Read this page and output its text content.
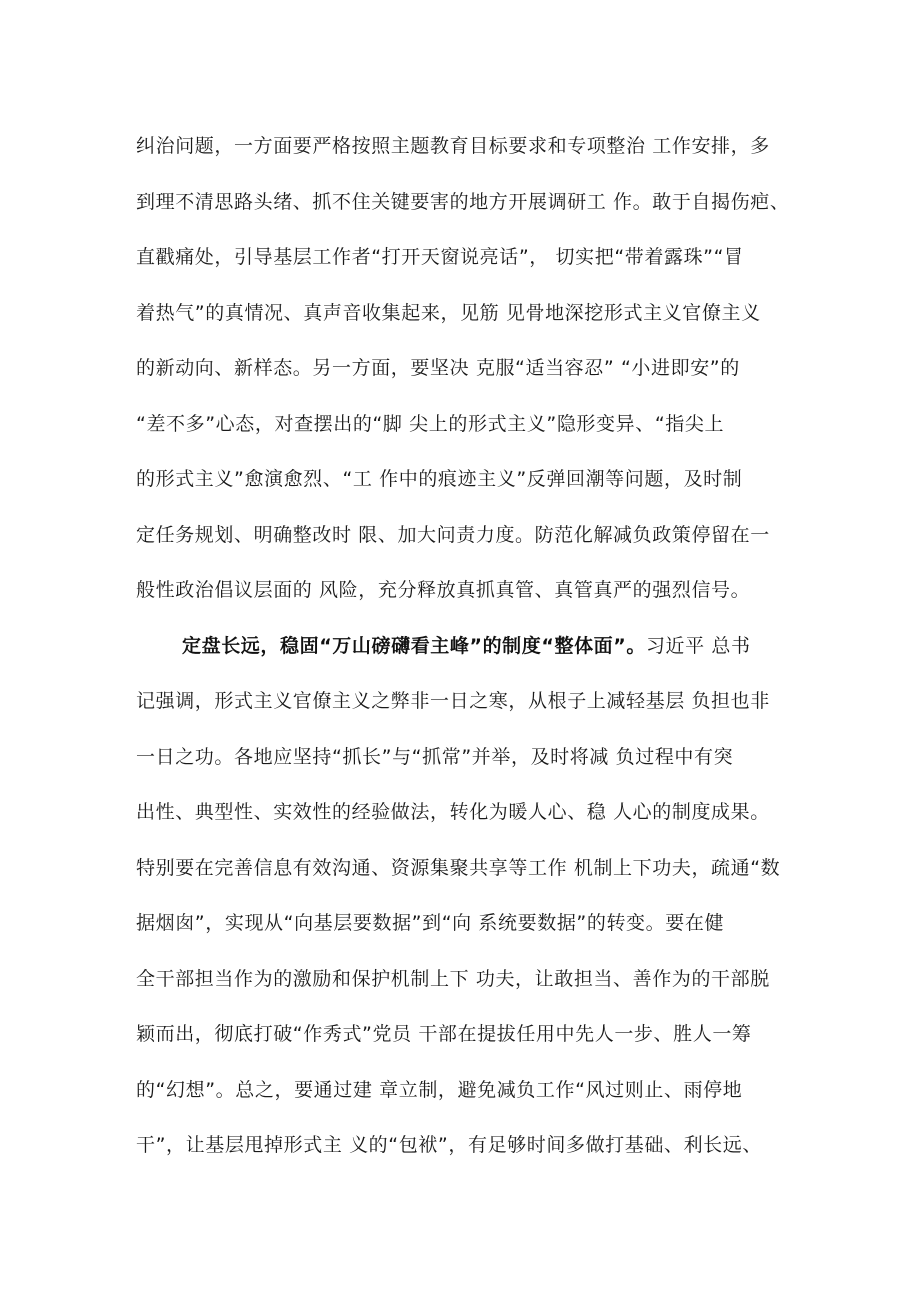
纠治问题，一方面要严格按照主题教育目标要求和专项整治 工作安排，多
到理不清思路头绪、抓不住关键要害的地方开展调研工 作。敢于自揭伤疤、
直戳痛处，引导基层工作者“打开天窗说亮话”， 切实把“带着露珠”“冒
着热气”的真情况、真声音收集起来，见筋 见骨地深挖形式主义官僚主义
的新动向、新样态。另一方面，要坚决 克服“适当容忍” “小进即安”的
“差不多”心态，对查摆出的“脚 尖上的形式主义”隐形变异、“指尖上
的形式主义”愈演愈烈、“工 作中的痕迹主义”反弹回潮等问题，及时制
定任务规划、明确整改时 限、加大问责力度。防范化解减负政策停留在一
般性政治倡议层面的 风险，充分释放真抓真管、真管真严的强烈信号。
定盘长远，稳固“万山磅礴看主峰”的制度“整体面”。习近平 总书
记强调，形式主义官僚主义之弊非一日之寒，从根子上减轻基层 负担也非
一日之功。各地应坚持“抓长”与“抓常”并举，及时将减 负过程中有突
出性、典型性、实效性的经验做法，转化为暖人心、稳 人心的制度成果。
特别要在完善信息有效沟通、资源集聚共享等工作 机制上下功夫，疏通“数
据烟囱”，实现从“向基层要数据”到“向 系统要数据”的转变。要在健
全干部担当作为的激励和保护机制上下 功夫，让敢担当、善作为的干部脱
颖而出，彻底打破“作秀式”党员 干部在提拔任用中先人一步、胜人一筹
的“幻想”。总之，要通过建 章立制，避免减负工作“风过则止、雨停地
干”，让基层甩掉形式主 义的“包袱”，有足够时间多做打基础、利长远、
